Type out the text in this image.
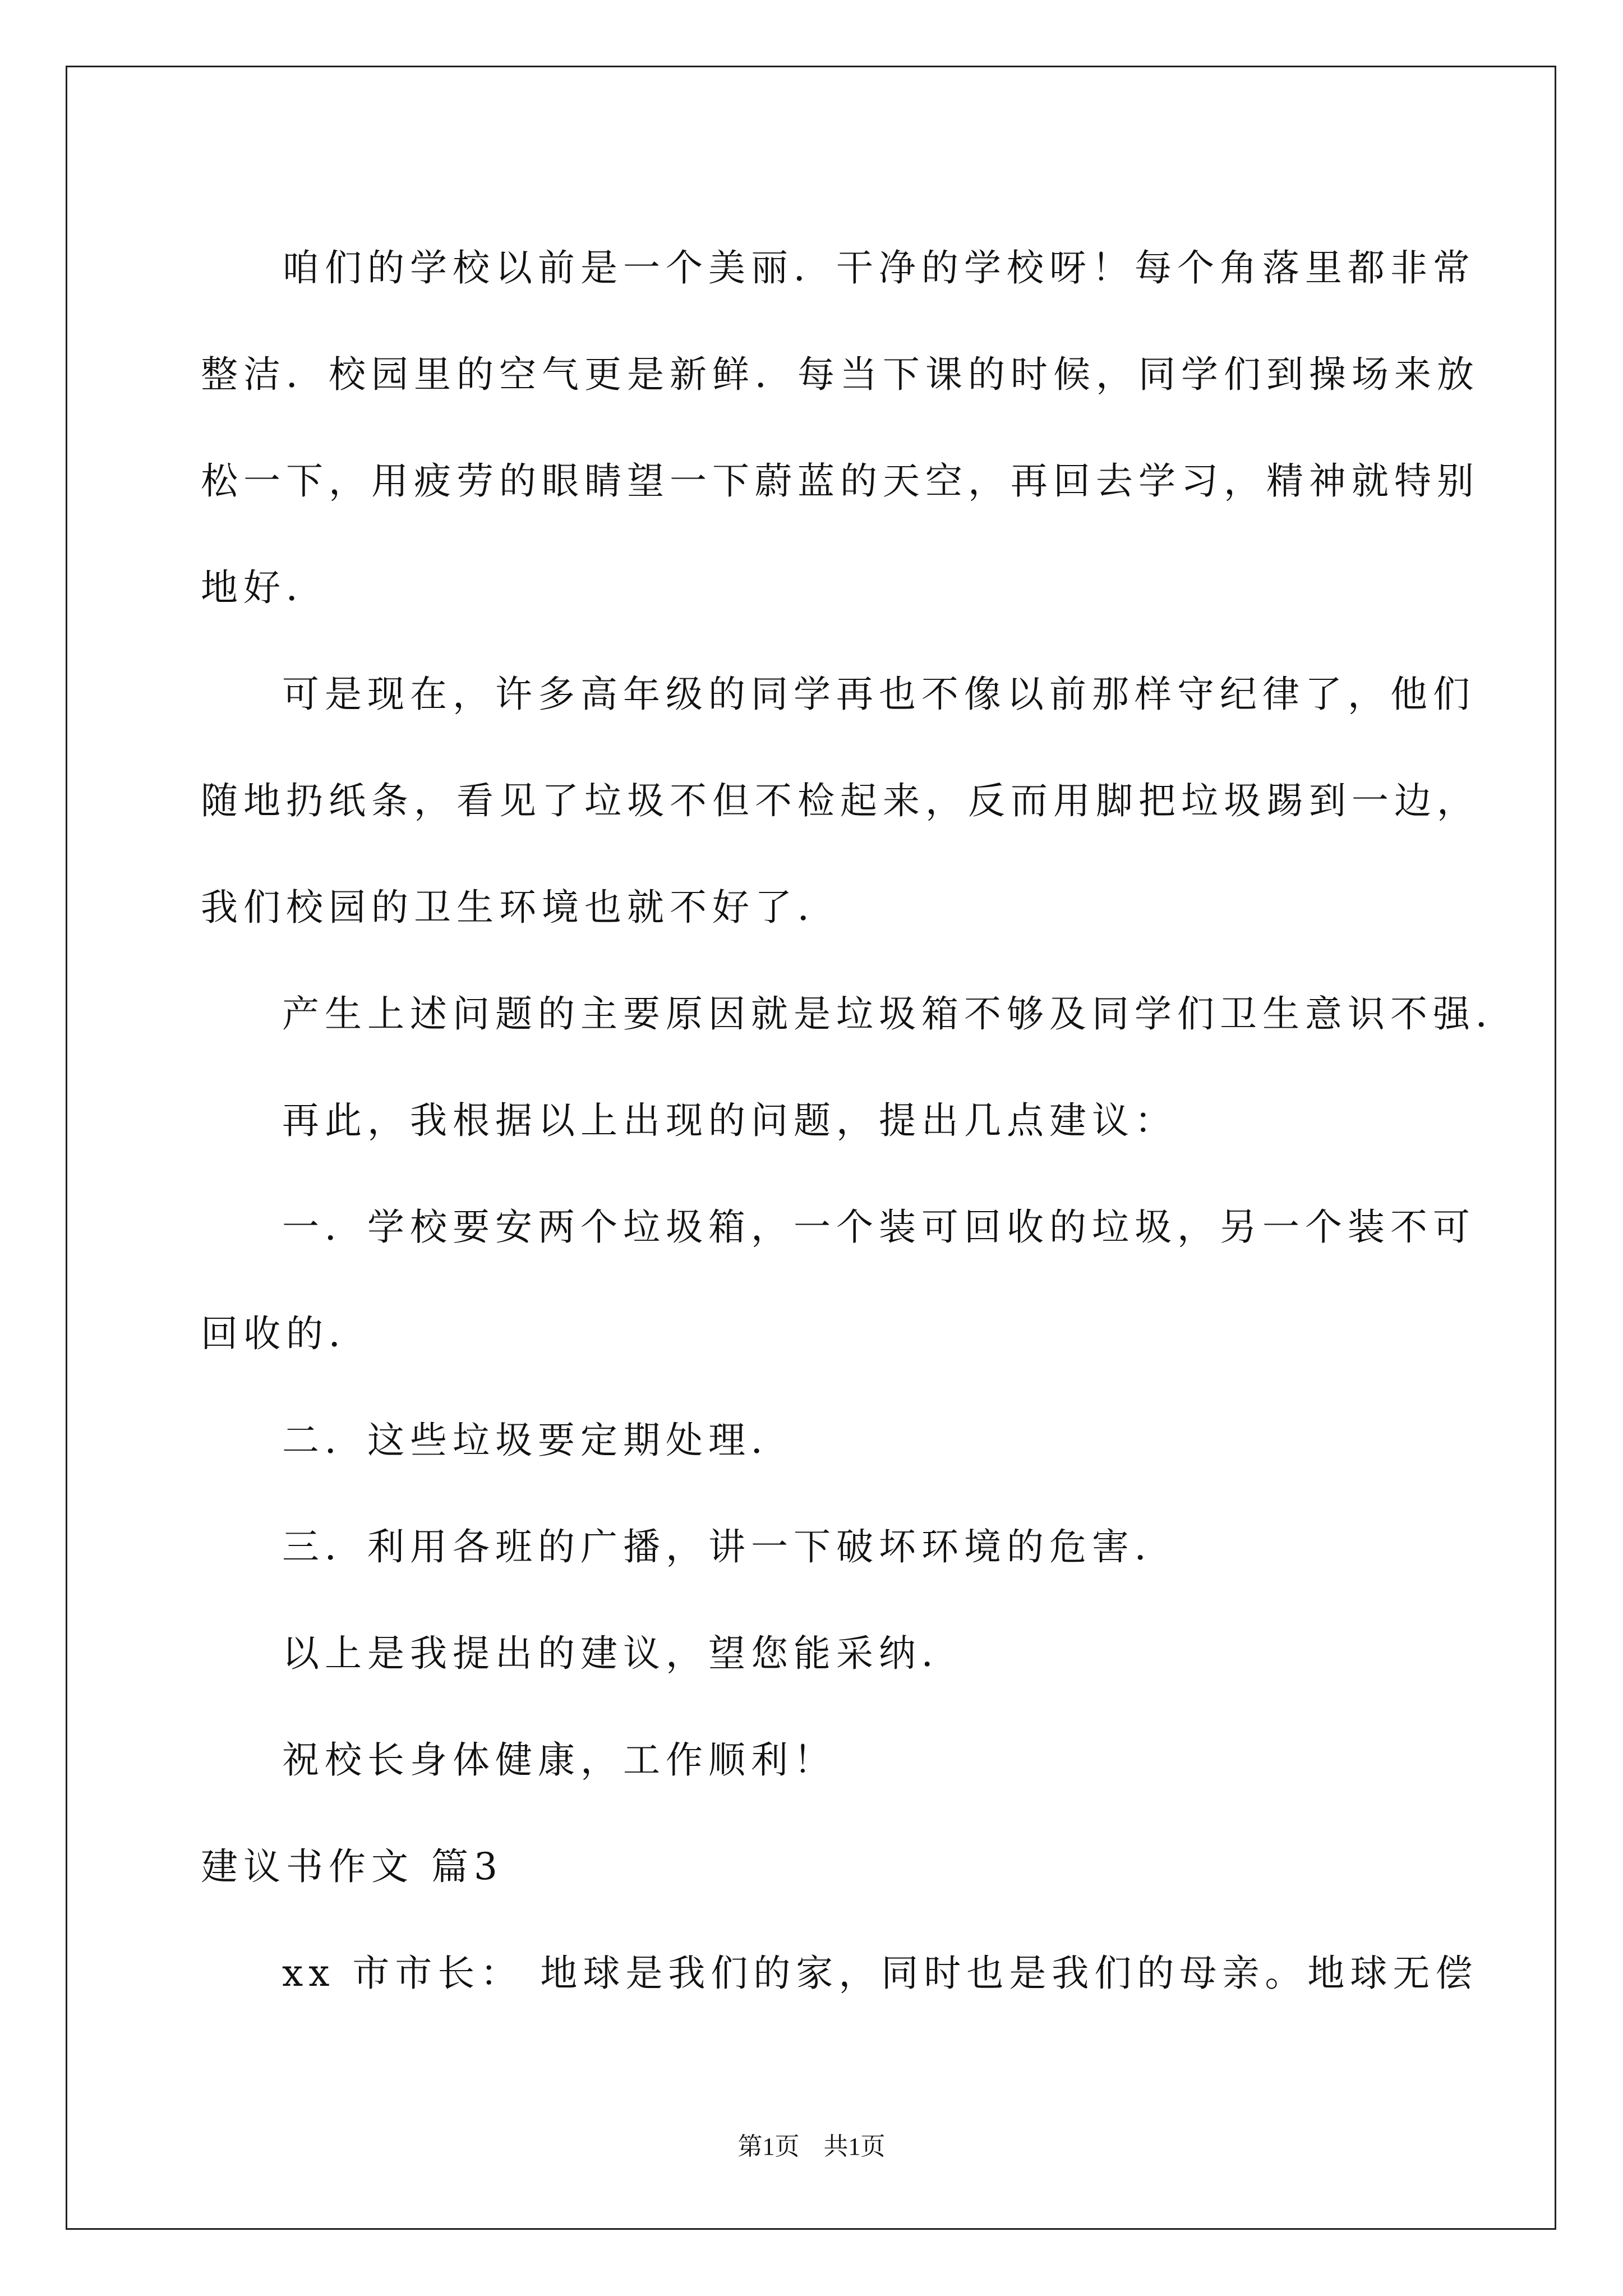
咱们的学校以前是一个美丽．干净的学校呀！每个角落里都非常
整洁．校园里的空气更是新鲜．每当下课的时候，同学们到操场来放
松一下，用疲劳的眼睛望一下蔚蓝的天空，再回去学习，精神就特别
地好．
可是现在，许多高年级的同学再也不像以前那样守纪律了，他们
随地扔纸条，看见了垃圾不但不检起来，反而用脚把垃圾踢到一边，
我们校园的卫生环境也就不好了．
产生上述问题的主要原因就是垃圾箱不够及同学们卫生意识不强．
再此，我根据以上出现的问题，提出几点建议：
一．学校要安两个垃圾箱，一个装可回收的垃圾，另一个装不可
回收的．
二．这些垃圾要定期处理．
三．利用各班的广播，讲一下破坏环境的危害．
以上是我提出的建议，望您能采纳．
祝校长身体健康，工作顺利！
建议书作文 篇3
xx 市市长： 地球是我们的家，同时也是我们的母亲。地球无偿
第1页 共1页
